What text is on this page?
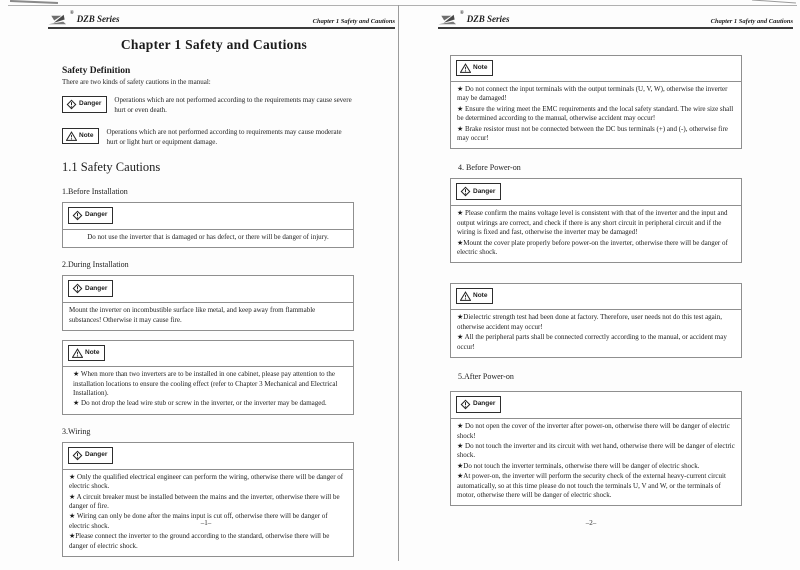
®
DZB Series	Chapter 1 Safety and Cautions
Chapter 1 Safety and Cautions
Safety Definition
There are two kinds of safety cautions in the manual:
Danger Operations which are not performed according to the requirements may cause severe hurt or even death.
Note Operations which are not performed according to requirements may cause moderate hurt or light hurt or equipment damage.
1.1 Safety Cautions
1.Before Installation
Danger

Do not use the inverter that is damaged or has defect, or there will be danger of injury.

2.During Installation
Danger

Mount the inverter on incombustible surface like metal, and keep away from flammable substances! Otherwise it may cause fire.

Note

★ When more than two inverters are to be installed in one cabinet, please pay attention to the installation locations to ensure the cooling effect (refer to Chapter 3 Mechanical and Electrical Installation).

★ Do not drop the lead wire stub or screw in the inverter, or the inverter may be damaged.

3.Wiring
Danger

★ Only the qualified electrical engineer can perform the wiring, otherwise there will be danger of electric shock.

★ A circuit breaker must be installed between the mains and the inverter, otherwise there will be danger of fire.

★ Wiring can only be done after the mains input is cut off, otherwise there will be danger of electric shock.

★Please connect the inverter to the ground according to the standard, otherwise there will be danger of electric shock.

–1–
®
DZB Series	Chapter 1 Safety and Cautions
Note

★ Do not connect the input terminals with the output terminals (U, V, W), otherwise the inverter may be damaged!

★ Ensure the wiring meet the EMC requirements and the local safety standard. The wire size shall be determined according to the manual, otherwise accident may occur!

★ Brake resistor must not be connected between the DC bus terminals (+) and (-), otherwise fire may occur!

4. Before Power-on
Danger

★ Please confirm the mains voltage level is consistent with that of the inverter and the input and output wirings are correct, and check if there is any short circuit in peripheral circuit and if the wiring is fixed and fast, otherwise the inverter may be damaged!

★Mount the cover plate properly before power-on the inverter, otherwise there will be danger of electric shock.

Note

★Dielectric strength test had been done at factory. Therefore, user needs not do this test again, otherwise accident may occur!

★ All the peripheral parts shall be connected correctly according to the manual, or accident may occur!

5.After Power-on
Danger

★ Do not open the cover of the inverter after power-on, otherwise there will be danger of electric shock!

★ Do not touch the inverter and its circuit with wet hand, otherwise there will be danger of electric shock.

★Do not touch the inverter terminals, otherwise there will be danger of electric shock.

★At power-on, the inverter will perform the security check of the external heavy-current circuit automatically, so at this time please do not touch the terminals U, V and W, or the terminals of motor, otherwise there will be danger of electric shock.

–2–
